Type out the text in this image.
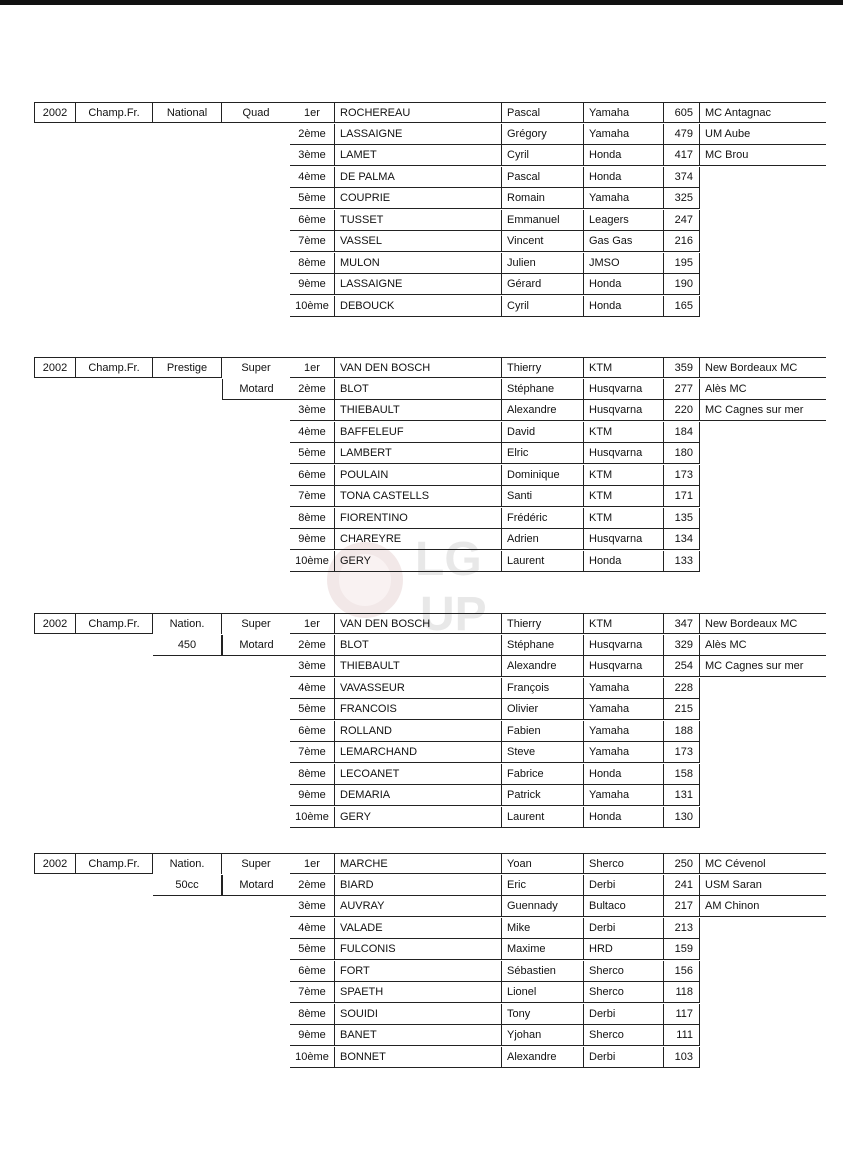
LG
UP
2002	Champ.Fr.	National	Quad	1er	ROCHEREAU	Pascal	Yamaha	605	MC Antagnac
2ème	LASSAIGNE	Grégory	Yamaha	479	UM Aube
3ème	LAMET	Cyril	Honda	417	MC Brou
4ème	DE PALMA	Pascal	Honda	374
5ème	COUPRIE	Romain	Yamaha	325
6ème	TUSSET	Emmanuel	Leagers	247
7ème	VASSEL	Vincent	Gas Gas	216
8ème	MULON	Julien	JMSO	195
9ème	LASSAIGNE	Gérard	Honda	190
10ème	DEBOUCK	Cyril	Honda	165
2002	Champ.Fr.	Prestige	Super	1er	VAN DEN BOSCH	Thierry	KTM	359	New Bordeaux MC
Motard	2ème	BLOT	Stéphane	Husqvarna	277	Alès MC
3ème	THIEBAULT	Alexandre	Husqvarna	220	MC Cagnes sur mer
4ème	BAFFELEUF	David	KTM	184
5ème	LAMBERT	Elric	Husqvarna	180
6ème	POULAIN	Dominique	KTM	173
7ème	TONA CASTELLS	Santi	KTM	171
8ème	FIORENTINO	Frédéric	KTM	135
9ème	CHAREYRE	Adrien	Husqvarna	134
10ème	GERY	Laurent	Honda	133
2002	Champ.Fr.	Nation.	Super	1er	VAN DEN BOSCH	Thierry	KTM	347	New Bordeaux MC
450	Motard	2ème	BLOT	Stéphane	Husqvarna	329	Alès MC
3ème	THIEBAULT	Alexandre	Husqvarna	254	MC Cagnes sur mer
4ème	VAVASSEUR	François	Yamaha	228
5ème	FRANCOIS	Olivier	Yamaha	215
6ème	ROLLAND	Fabien	Yamaha	188
7ème	LEMARCHAND	Steve	Yamaha	173
8ème	LECOANET	Fabrice	Honda	158
9ème	DEMARIA	Patrick	Yamaha	131
10ème	GERY	Laurent	Honda	130
2002	Champ.Fr.	Nation.	Super	1er	MARCHE	Yoan	Sherco	250	MC Cévenol
50cc	Motard	2ème	BIARD	Eric	Derbi	241	USM Saran
3ème	AUVRAY	Guennady	Bultaco	217	AM Chinon
4ème	VALADE	Mike	Derbi	213
5ème	FULCONIS	Maxime	HRD	159
6ème	FORT	Sébastien	Sherco	156
7ème	SPAETH	Lionel	Sherco	118
8ème	SOUIDI	Tony	Derbi	117
9ème	BANET	Yjohan	Sherco	111
10ème	BONNET	Alexandre	Derbi	103
